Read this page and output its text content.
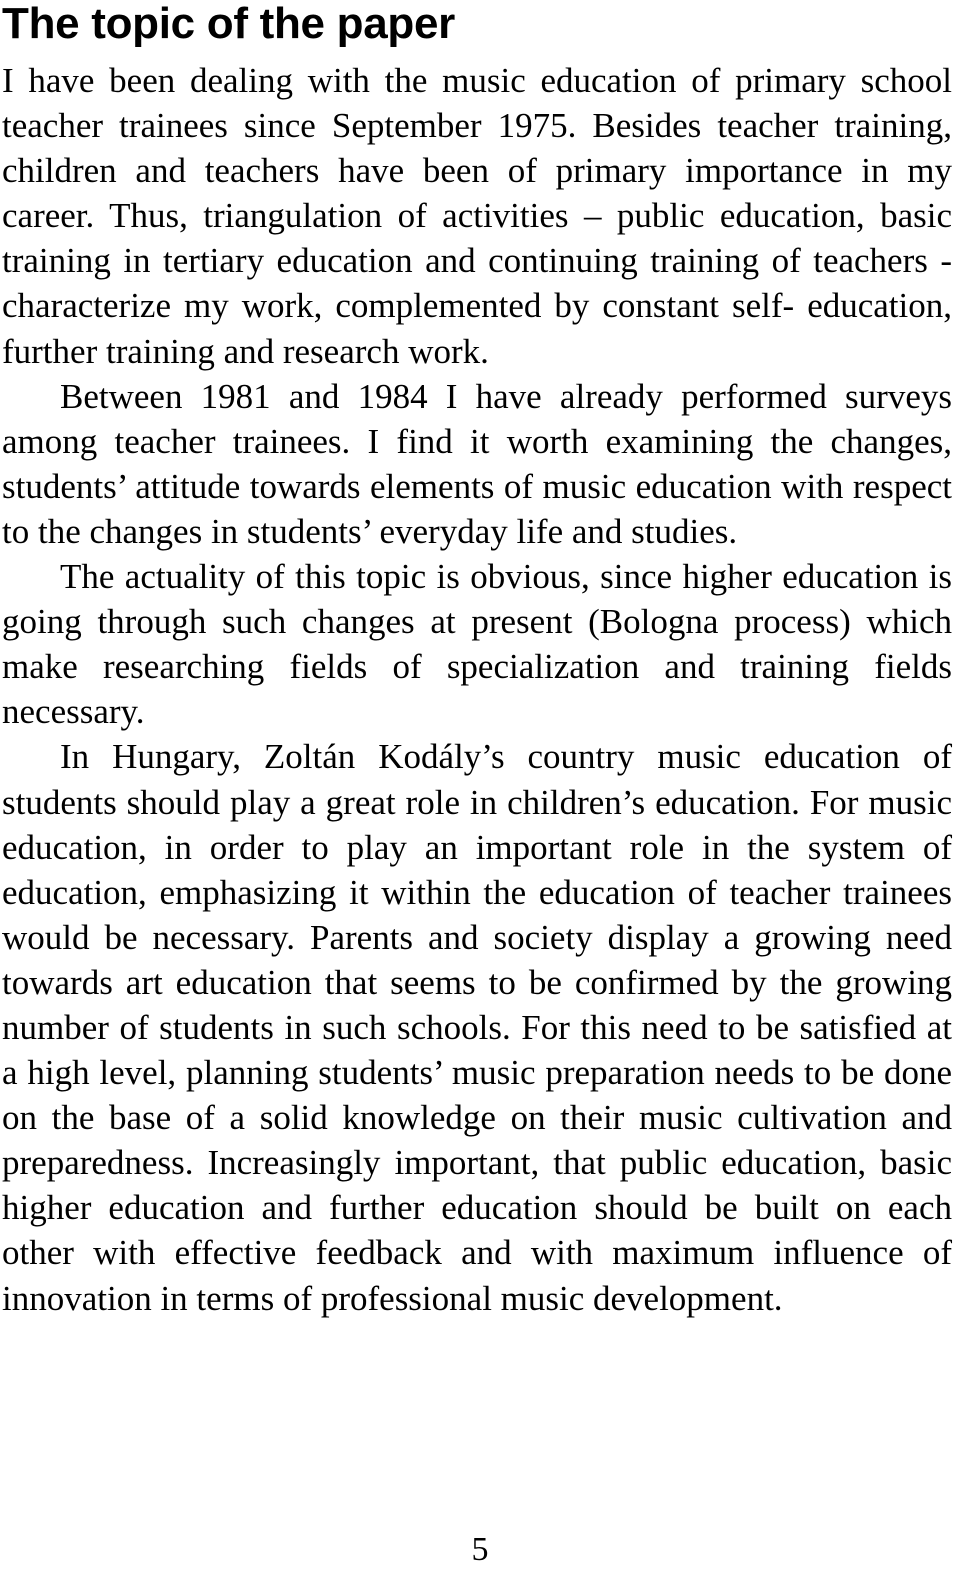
The topic of the paper

I have been dealing with the music education of primary school teacher trainees since September 1975. Besides teacher training, children and teachers have been of primary importance in my career. Thus, triangulation of activities – public education, basic training in tertiary education and continuing training of teachers - characterize my work, complemented by constant self- education, further training and research work.

Between 1981 and 1984 I have already performed surveys among teacher trainees. I find it worth examining the changes, students’ attitude towards elements of music education with respect to the changes in students’ everyday life and studies.

The actuality of this topic is obvious, since higher education is going through such changes at present (Bologna process) which make researching fields of specialization and training fields necessary.

In Hungary, Zoltán Kodály’s country music education of students should play a great role in children’s education. For music education, in order to play an important role in the system of education, emphasizing it within the education of teacher trainees would be necessary. Parents and society display a growing need towards art education that seems to be confirmed by the growing number of students in such schools. For this need to be satisfied at a high level, planning students’ music preparation needs to be done on the base of a solid knowledge on their music cultivation and preparedness. Increasingly important, that public education, basic higher education and further education should be built on each other with effective feedback and with maximum influence of innovation in terms of professional music development.

5
